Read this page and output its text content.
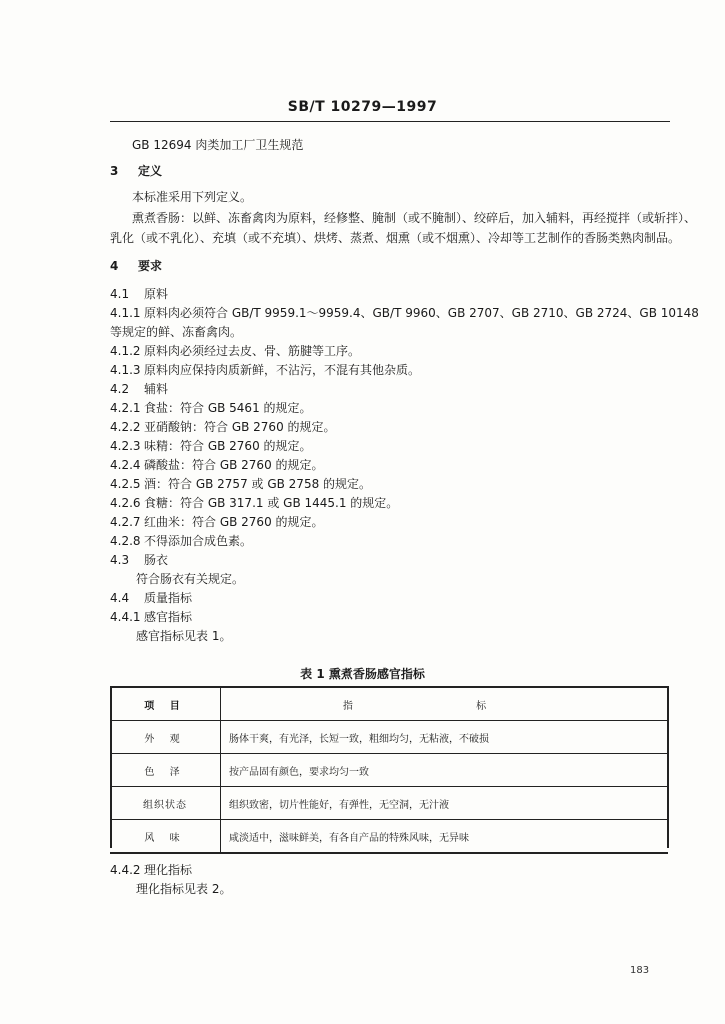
SB/T 10279—1997
GB 12694 肉类加工厂卫生规范
3 定义
本标准采用下列定义。
熏煮香肠：以鲜、冻畜禽肉为原料，经修整、腌制（或不腌制）、绞碎后，加入辅料，再经搅拌（或斩拌）、
乳化（或不乳化）、充填（或不充填）、烘烤、蒸煮、烟熏（或不烟熏）、冷却等工艺制作的香肠类熟肉制品。
4 要求
4.1 原料
4.1.1 原料肉必须符合 GB/T 9959.1～9959.4、GB/T 9960、GB 2707、GB 2710、GB 2724、GB 10148
等规定的鲜、冻畜禽肉。
4.1.2 原料肉必须经过去皮、骨、筋腱等工序。
4.1.3 原料肉应保持肉质新鲜，不沾污，不混有其他杂质。
4.2 辅料
4.2.1 食盐：符合 GB 5461 的规定。
4.2.2 亚硝酸钠：符合 GB 2760 的规定。
4.2.3 味精：符合 GB 2760 的规定。
4.2.4 磷酸盐：符合 GB 2760 的规定。
4.2.5 酒：符合 GB 2757 或 GB 2758 的规定。
4.2.6 食糖：符合 GB 317.1 或 GB 1445.1 的规定。
4.2.7 红曲米：符合 GB 2760 的规定。
4.2.8 不得添加合成色素。
4.3 肠衣
符合肠衣有关规定。
4.4 质量指标
4.4.1 感官指标
感官指标见表 1。
表 1 熏煮香肠感官指标
项 目	指 标
外 观	肠体干爽，有光泽，长短一致，粗细均匀，无粘液，不破损
色 泽	按产品固有颜色，要求均匀一致
组织状态	组织致密，切片性能好，有弹性，无空洞，无汁液
风 味	咸淡适中，滋味鲜美，有各自产品的特殊风味，无异味
4.4.2 理化指标
理化指标见表 2。
183
